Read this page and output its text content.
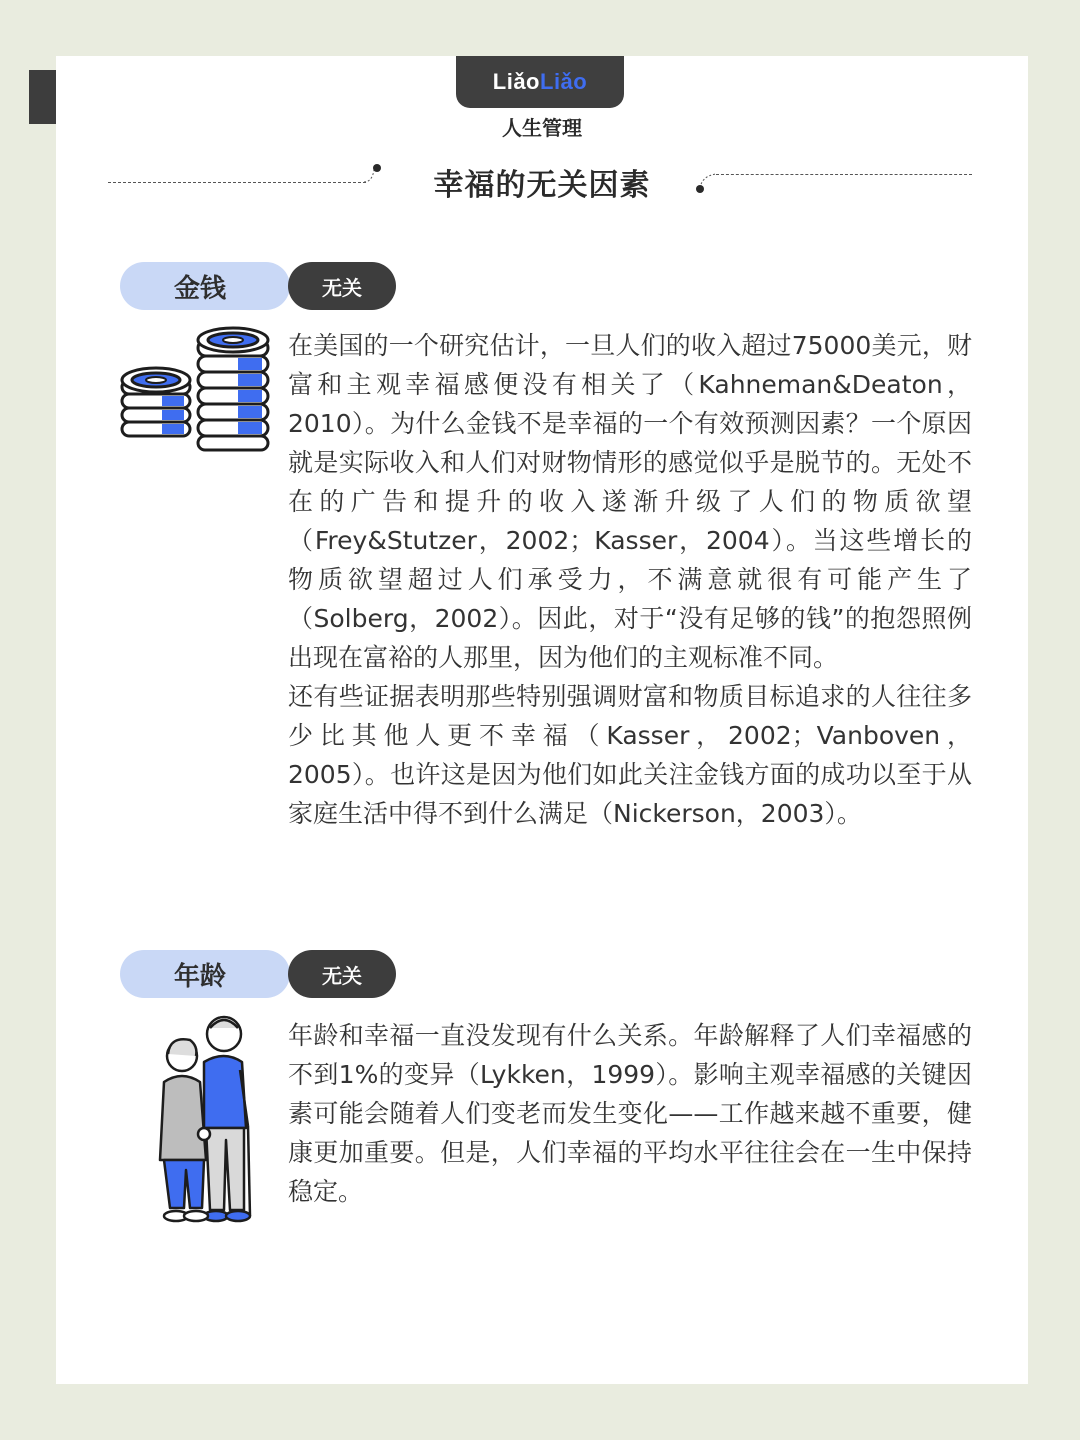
Liǎo Liǎo
人生管理
幸福的无关因素
金钱	无关

在美国的一个研究估计，一旦人们的收入超过75000美元，财富和主观幸福感便没有相关了（Kahneman&Deaton，2010）。为什么金钱不是幸福的一个有效预测因素？一个原因就是实际收入和人们对财物情形的感觉似乎是脱节的。无处不在的广告和提升的收入遂渐升级了人们的物质欲望（Frey&Stutzer，2002；Kasser，2004）。当这些增长的物质欲望超过人们承受力，不满意就很有可能产生了（Solberg，2002）。因此，对于“没有足够的钱”的抱怨照例出现在富裕的人那里，因为他们的主观标准不同。

还有些证据表明那些特别强调财富和物质目标追求的人往往多少比其他人更不幸福（Kasser，2002；Vanboven，2005）。也许这是因为他们如此关注金钱方面的成功以至于从家庭生活中得不到什么满足（Nickerson，2003）。

年龄	无关

年龄和幸福一直没发现有什么关系。年龄解释了人们幸福感的不到1%的变异（Lykken，1999）。影响主观幸福感的关键因素可能会随着人们变老而发生变化——工作越来越不重要，健康更加重要。但是，人们幸福的平均水平往往会在一生中保持稳定。
